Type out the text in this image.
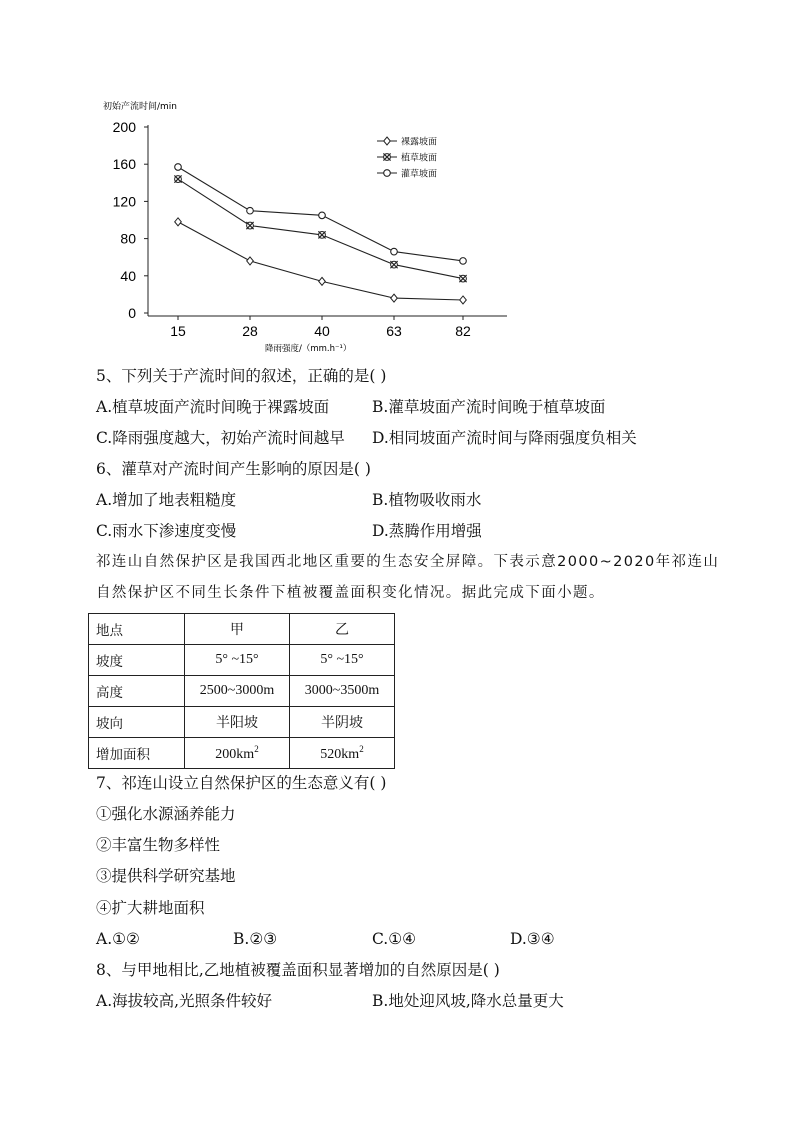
初始产流时间/min
200
160
120
80
40
0
15	28	40	63	82
降雨强度/（mm.h⁻¹）
裸露坡面
植草坡面
灌草坡面
5、下列关于产流时间的叙述，正确的是( )
A.植草坡面产流时间晚于裸露坡面	B.灌草坡面产流时间晚于植草坡面
C.降雨强度越大，初始产流时间越早 D.相同坡面产流时间与降雨强度负相关
6、灌草对产流时间产生影响的原因是( )
A.增加了地表粗糙度	B.植物吸收雨水
C.雨水下渗速度变慢	D.蒸腾作用增强
祁连山自然保护区是我国西北地区重要的生态安全屏障。下表示意2000~2020年祁连山
自然保护区不同生长条件下植被覆盖面积变化情况。据此完成下面小题。
地点	甲	乙
坡度	5° ~15°	5° ~15°
高度	2500~3000m	3000~3500m
坡向	半阳坡	半阴坡
增加面积	$200km^2$	$520km^2$
7、祁连山设立自然保护区的生态意义有( )
①强化水源涵养能力
②丰富生物多样性
③提供科学研究基地
④扩大耕地面积
A.①②	B.②③	C.①④	D.③④
8、与甲地相比,乙地植被覆盖面积显著增加的自然原因是( )
A.海拔较高,光照条件较好	B.地处迎风坡,降水总量更大
